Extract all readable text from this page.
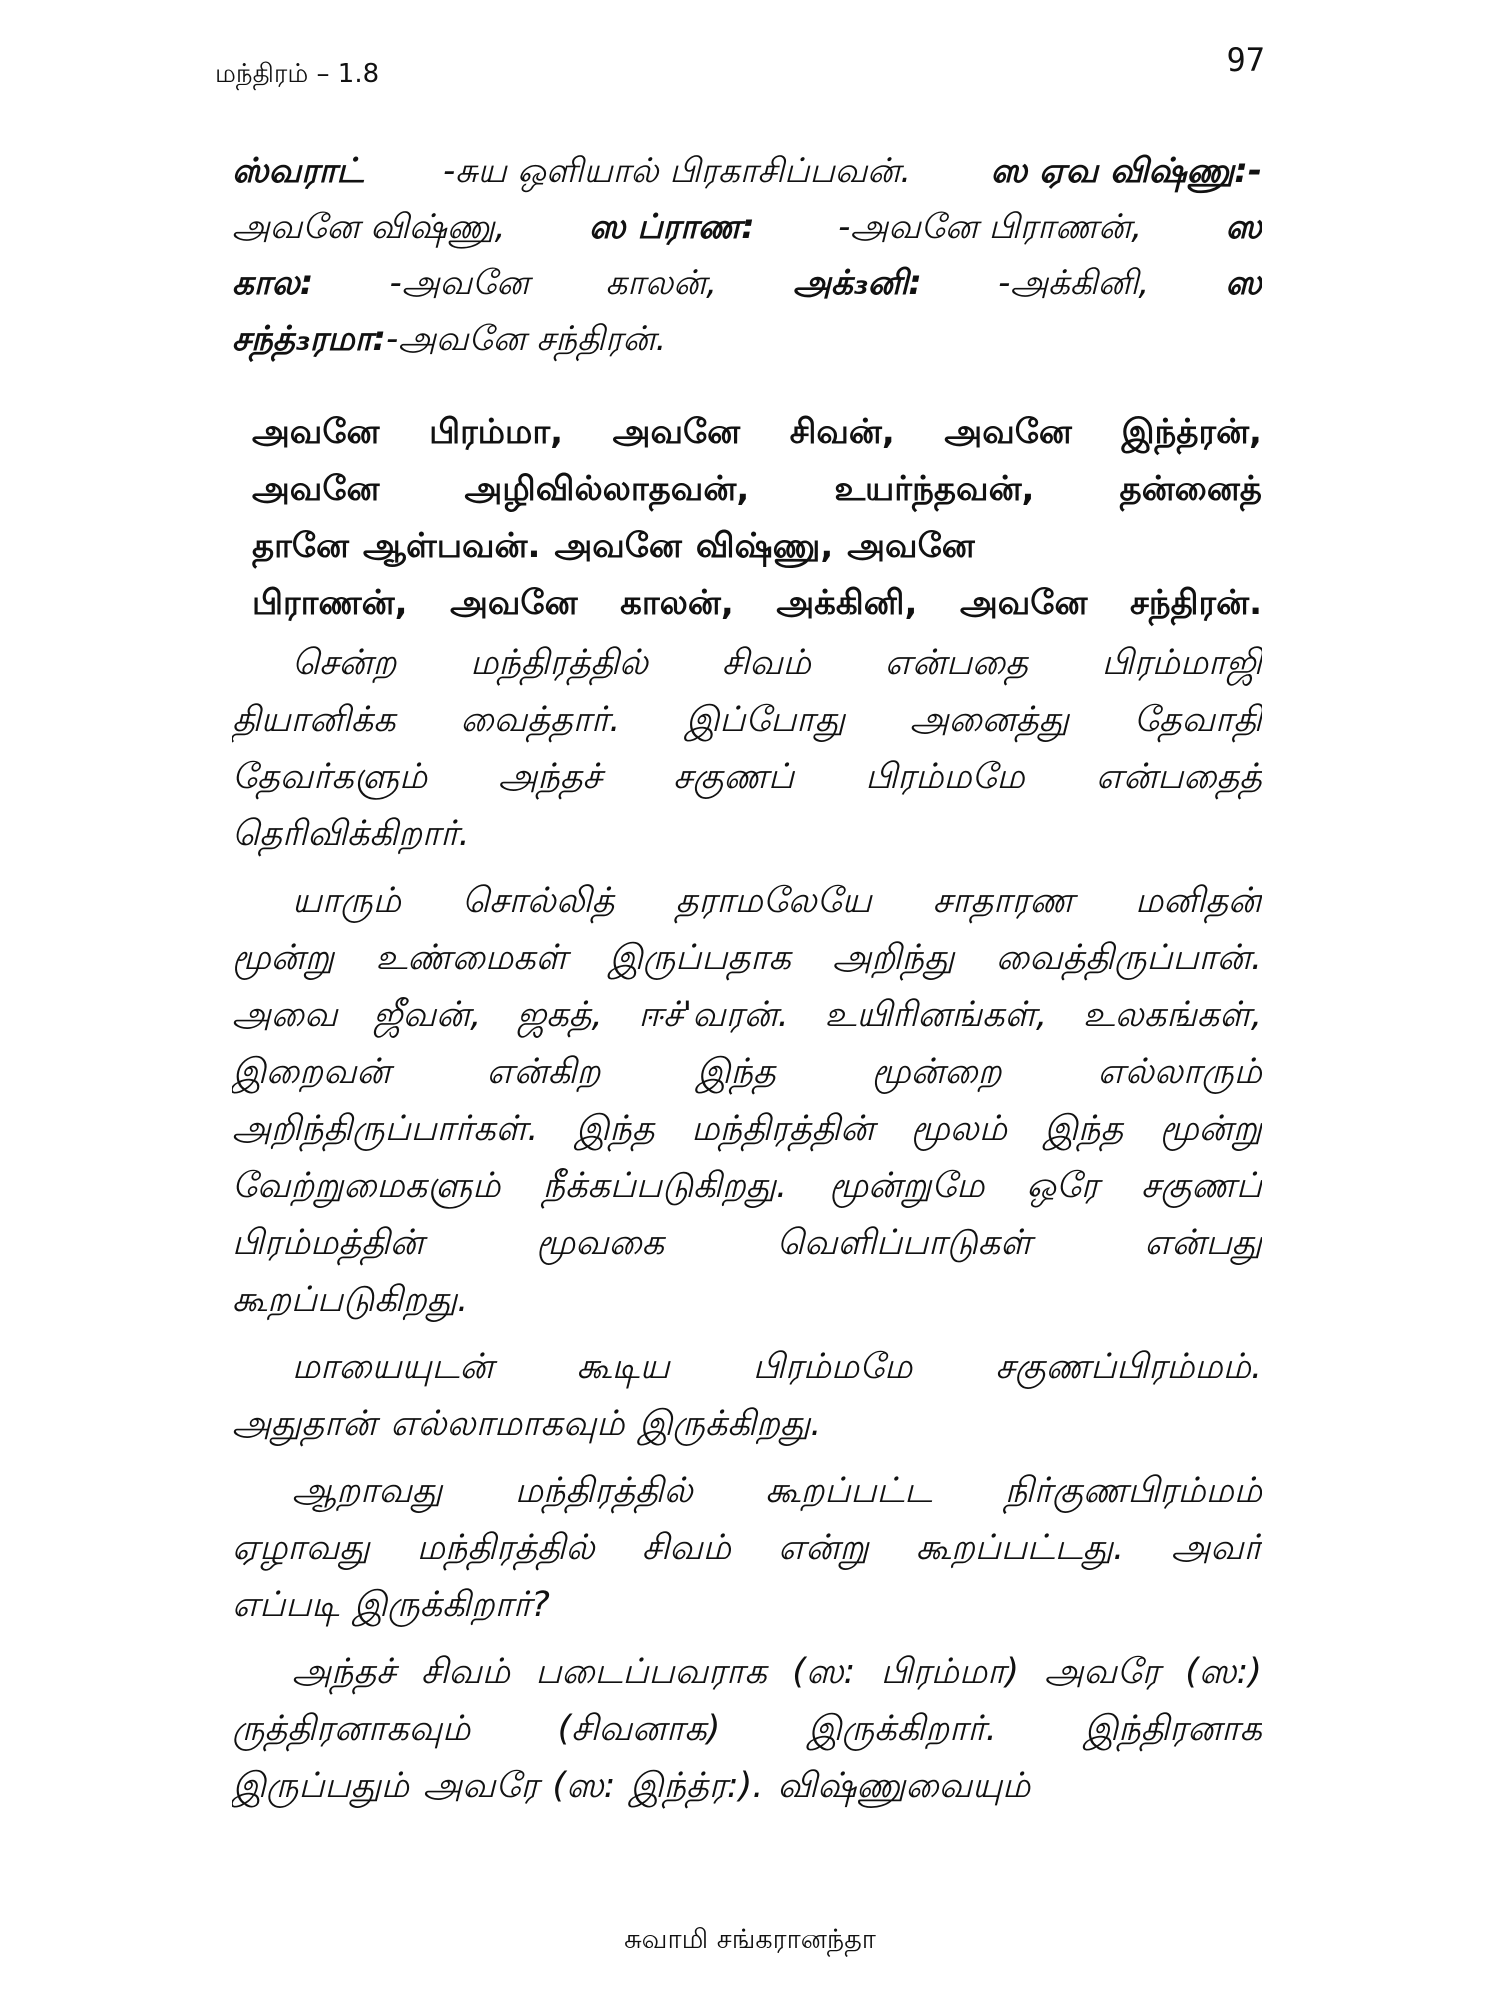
மந்திரம் – 1.8	97
ஸ்வராட் -சுய ஒளியால் பிரகாசிப்பவன். ஸ ஏவ விஷ்ணு:-
அவனே விஷ்ணு, ஸ ப்ராண: -அவனே பிராணன், ஸ
கால: -அவனே காலன், அக்₃னி: -அக்கினி, ஸ
சந்த்₃ரமா: -அவனே சந்திரன்.
அவனே பிரம்மா, அவனே சிவன், அவனே இந்த்ரன்,
அவனே	அழிவில்லாதவன்,	உயர்ந்தவன்,	தன்னைத்
தானே ஆள்பவன். அவனே விஷ்ணு, அவனே
பிராணன், அவனே காலன், அக்கினி, அவனே சந்திரன்.
சென்ற மந்திரத்தில் சிவம் என்பதை பிரம்மாஜி
தியானிக்க வைத்தார். இப்போது அனைத்து தேவாதி
தேவர்களும் அந்தச் சகுணப் பிரம்மமே என்பதைத்
தெரிவிக்கிறார்.
யாரும் சொல்லித் தராமலேயே சாதாரண மனிதன்
மூன்று உண்மைகள் இருப்பதாக அறிந்து வைத்திருப்பான்.
அவை ஜீவன், ஜகத், ஈச்'வரன். உயிரினங்கள், உலகங்கள்,
இறைவன்	என்கிற	இந்த	மூன்றை	எல்லாரும்
அறிந்திருப்பார்கள். இந்த மந்திரத்தின் மூலம் இந்த மூன்று
வேற்றுமைகளும் நீக்கப்படுகிறது. மூன்றுமே ஒரே சகுணப்
பிரம்மத்தின்	மூவகை	வெளிப்பாடுகள்	என்பது
கூறப்படுகிறது.
மாயையுடன் கூடிய பிரம்மமே சகுணப்பிரம்மம்.
அதுதான் எல்லாமாகவும் இருக்கிறது.
ஆறாவது மந்திரத்தில் கூறப்பட்ட நிர்குணபிரம்மம்
ஏழாவது மந்திரத்தில் சிவம் என்று கூறப்பட்டது. அவர்
எப்படி இருக்கிறார்?
அந்தச் சிவம் படைப்பவராக (ஸ: பிரம்மா) அவரே (ஸ:)
ருத்திரனாகவும் (சிவனாக) இருக்கிறார். இந்திரனாக
இருப்பதும் அவரே (ஸ: இந்த்ர:). விஷ்ணுவையும்
சுவாமி சங்கரானந்தா
